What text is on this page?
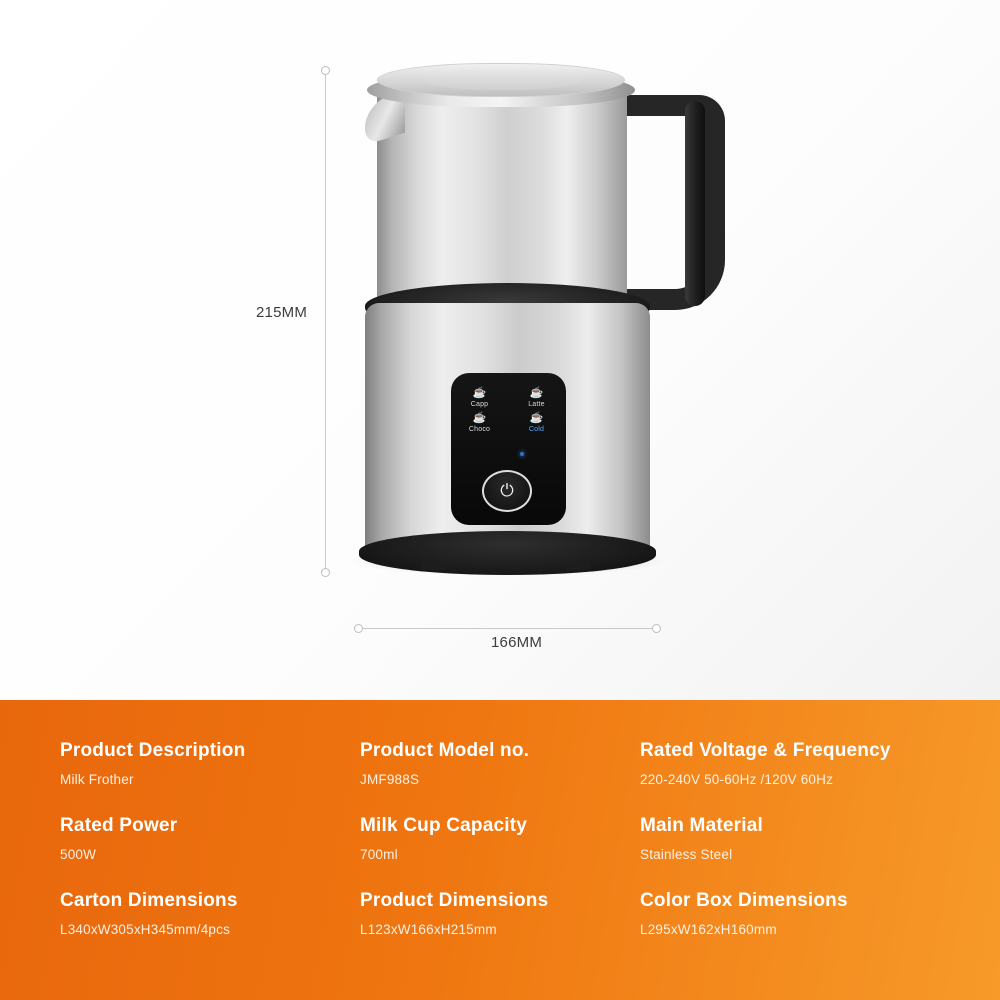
215MM
166MM
☕
Capp
☕
Latte
☕
Choco
☕
Cold
⏻
Product Description
Milk Frother
Product Model no.
JMF988S
Rated Voltage & Frequency
220-240V 50-60Hz /120V 60Hz
Rated Power
500W
Milk Cup Capacity
700ml
Main Material
Stainless Steel
Carton Dimensions
L340xW305xH345mm/4pcs
Product Dimensions
L123xW166xH215mm
Color Box Dimensions
L295xW162xH160mm
